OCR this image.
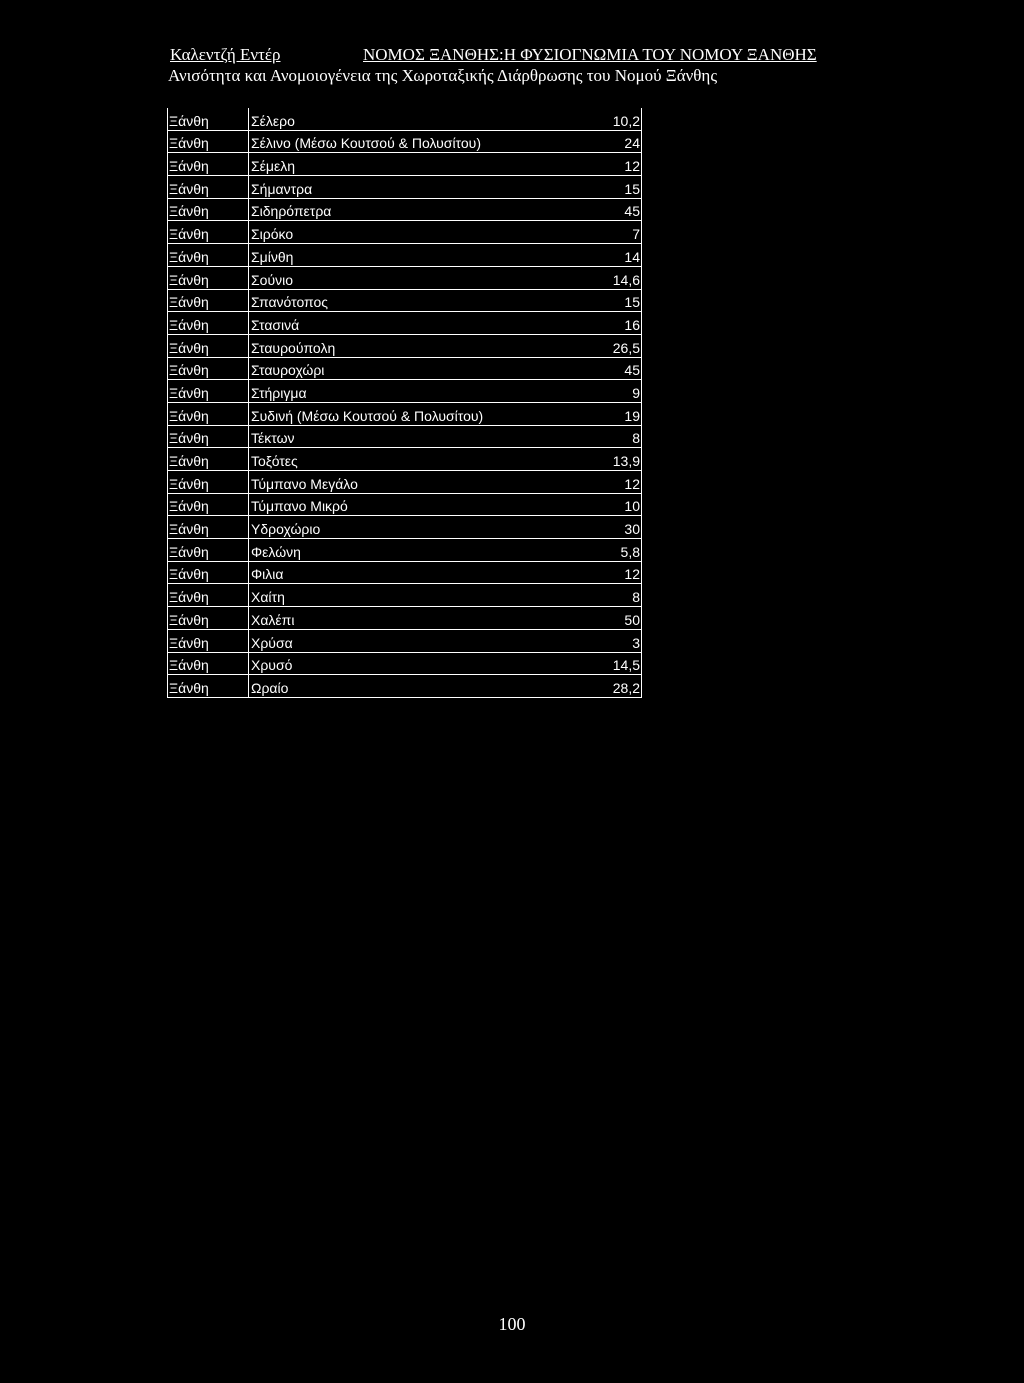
Καλεντζή Εντέρ	ΝΟΜΟΣ ΞΑΝΘΗΣ:Η ΦΥΣΙΟΓΝΩΜΙΑ ΤΟΥ ΝΟΜΟΥ ΞΑΝΘΗΣ
Ανισότητα και Ανομοιογένεια της Χωροταξικής Διάρθρωσης του Νομού Ξάνθης
Ξάνθη	Σέλερο	10,2
Ξάνθη	Σέλινο (Μέσω Κουτσού & Πολυσίτου)	24
Ξάνθη	Σέμελη	12
Ξάνθη	Σήμαντρα	15
Ξάνθη	Σιδηρόπετρα	45
Ξάνθη	Σιρόκο	7
Ξάνθη	Σμίνθη	14
Ξάνθη	Σούνιο	14,6
Ξάνθη	Σπανότοπος	15
Ξάνθη	Στασινά	16
Ξάνθη	Σταυρούπολη	26,5
Ξάνθη	Σταυροχώρι	45
Ξάνθη	Στήριγμα	9
Ξάνθη	Συδινή (Μέσω Κουτσού & Πολυσίτου)	19
Ξάνθη	Τέκτων	8
Ξάνθη	Τοξότες	13,9
Ξάνθη	Τύμπανο Μεγάλο	12
Ξάνθη	Τύμπανο Μικρό	10
Ξάνθη	Υδροχώριο	30
Ξάνθη	Φελώνη	5,8
Ξάνθη	Φιλια	12
Ξάνθη	Χαίτη	8
Ξάνθη	Χαλέπι	50
Ξάνθη	Χρύσα	3
Ξάνθη	Χρυσό	14,5
Ξάνθη	Ωραίο	28,2
100
